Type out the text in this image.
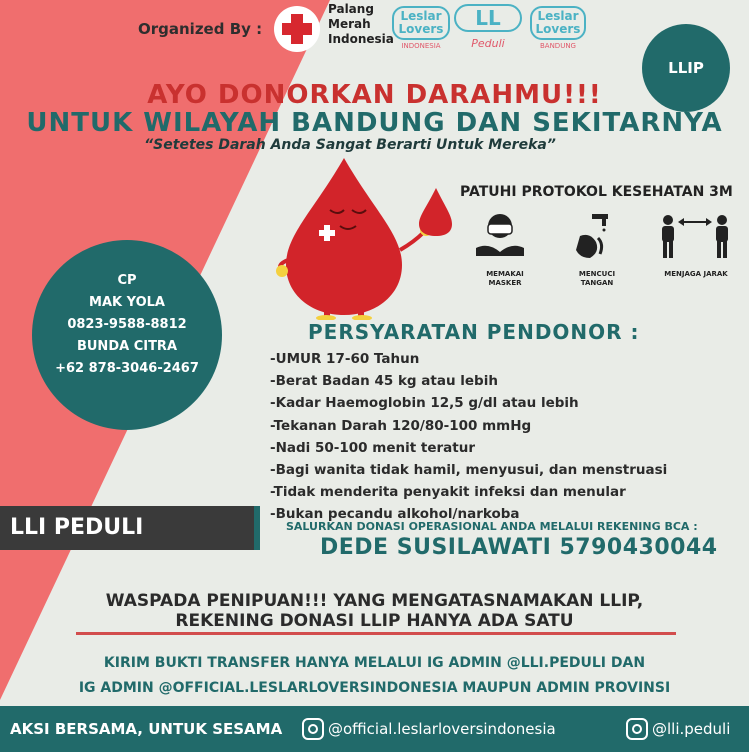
Organized By :
Palang Merah Indonesia
Leslar Lovers
INDONESIA
LL
Peduli
Leslar Lovers
BANDUNG
LLIP
AYO DONORKAN DARAHMU!!!
UNTUK WILAYAH BANDUNG DAN SEKITARNYA
“Setetes Darah Anda Sangat Berarti Untuk Mereka”
PATUHI PROTOKOL KESEHATAN 3M
MEMAKAI MASKER
MENCUCI TANGAN
MENJAGA JARAK
CP
MAK YOLA
0823-9588-8812
BUNDA CITRA
+62 878-3046-2467
PERSYARATAN PENDONOR :
-UMUR 17-60 Tahun
-Berat Badan 45 kg atau lebih
-Kadar Haemoglobin 12,5 g/dl atau lebih
-Tekanan Darah 120/80-100 mmHg
-Nadi 50-100 menit teratur
-Bagi wanita tidak hamil, menyusui, dan menstruasi
-Tidak menderita penyakit infeksi dan menular
-Bukan pecandu alkohol/narkoba
LLI PEDULI	SALURKAN DONASI OPERASIONAL ANDA MELALUI REKENING BCA :
DEDE SUSILAWATI 5790430044
WASPADA PENIPUAN!!! YANG MENGATASNAMAKAN LLIP,
REKENING DONASI LLIP HANYA ADA SATU
KIRIM BUKTI TRANSFER HANYA MELALUI IG ADMIN @LLI.PEDULI DAN
IG ADMIN @OFFICIAL.LESLARLOVERSINDONESIA MAUPUN ADMIN PROVINSI
AKSI BERSAMA, UNTUK SESAMA	@official.leslarloversindonesia	@lli.peduli
